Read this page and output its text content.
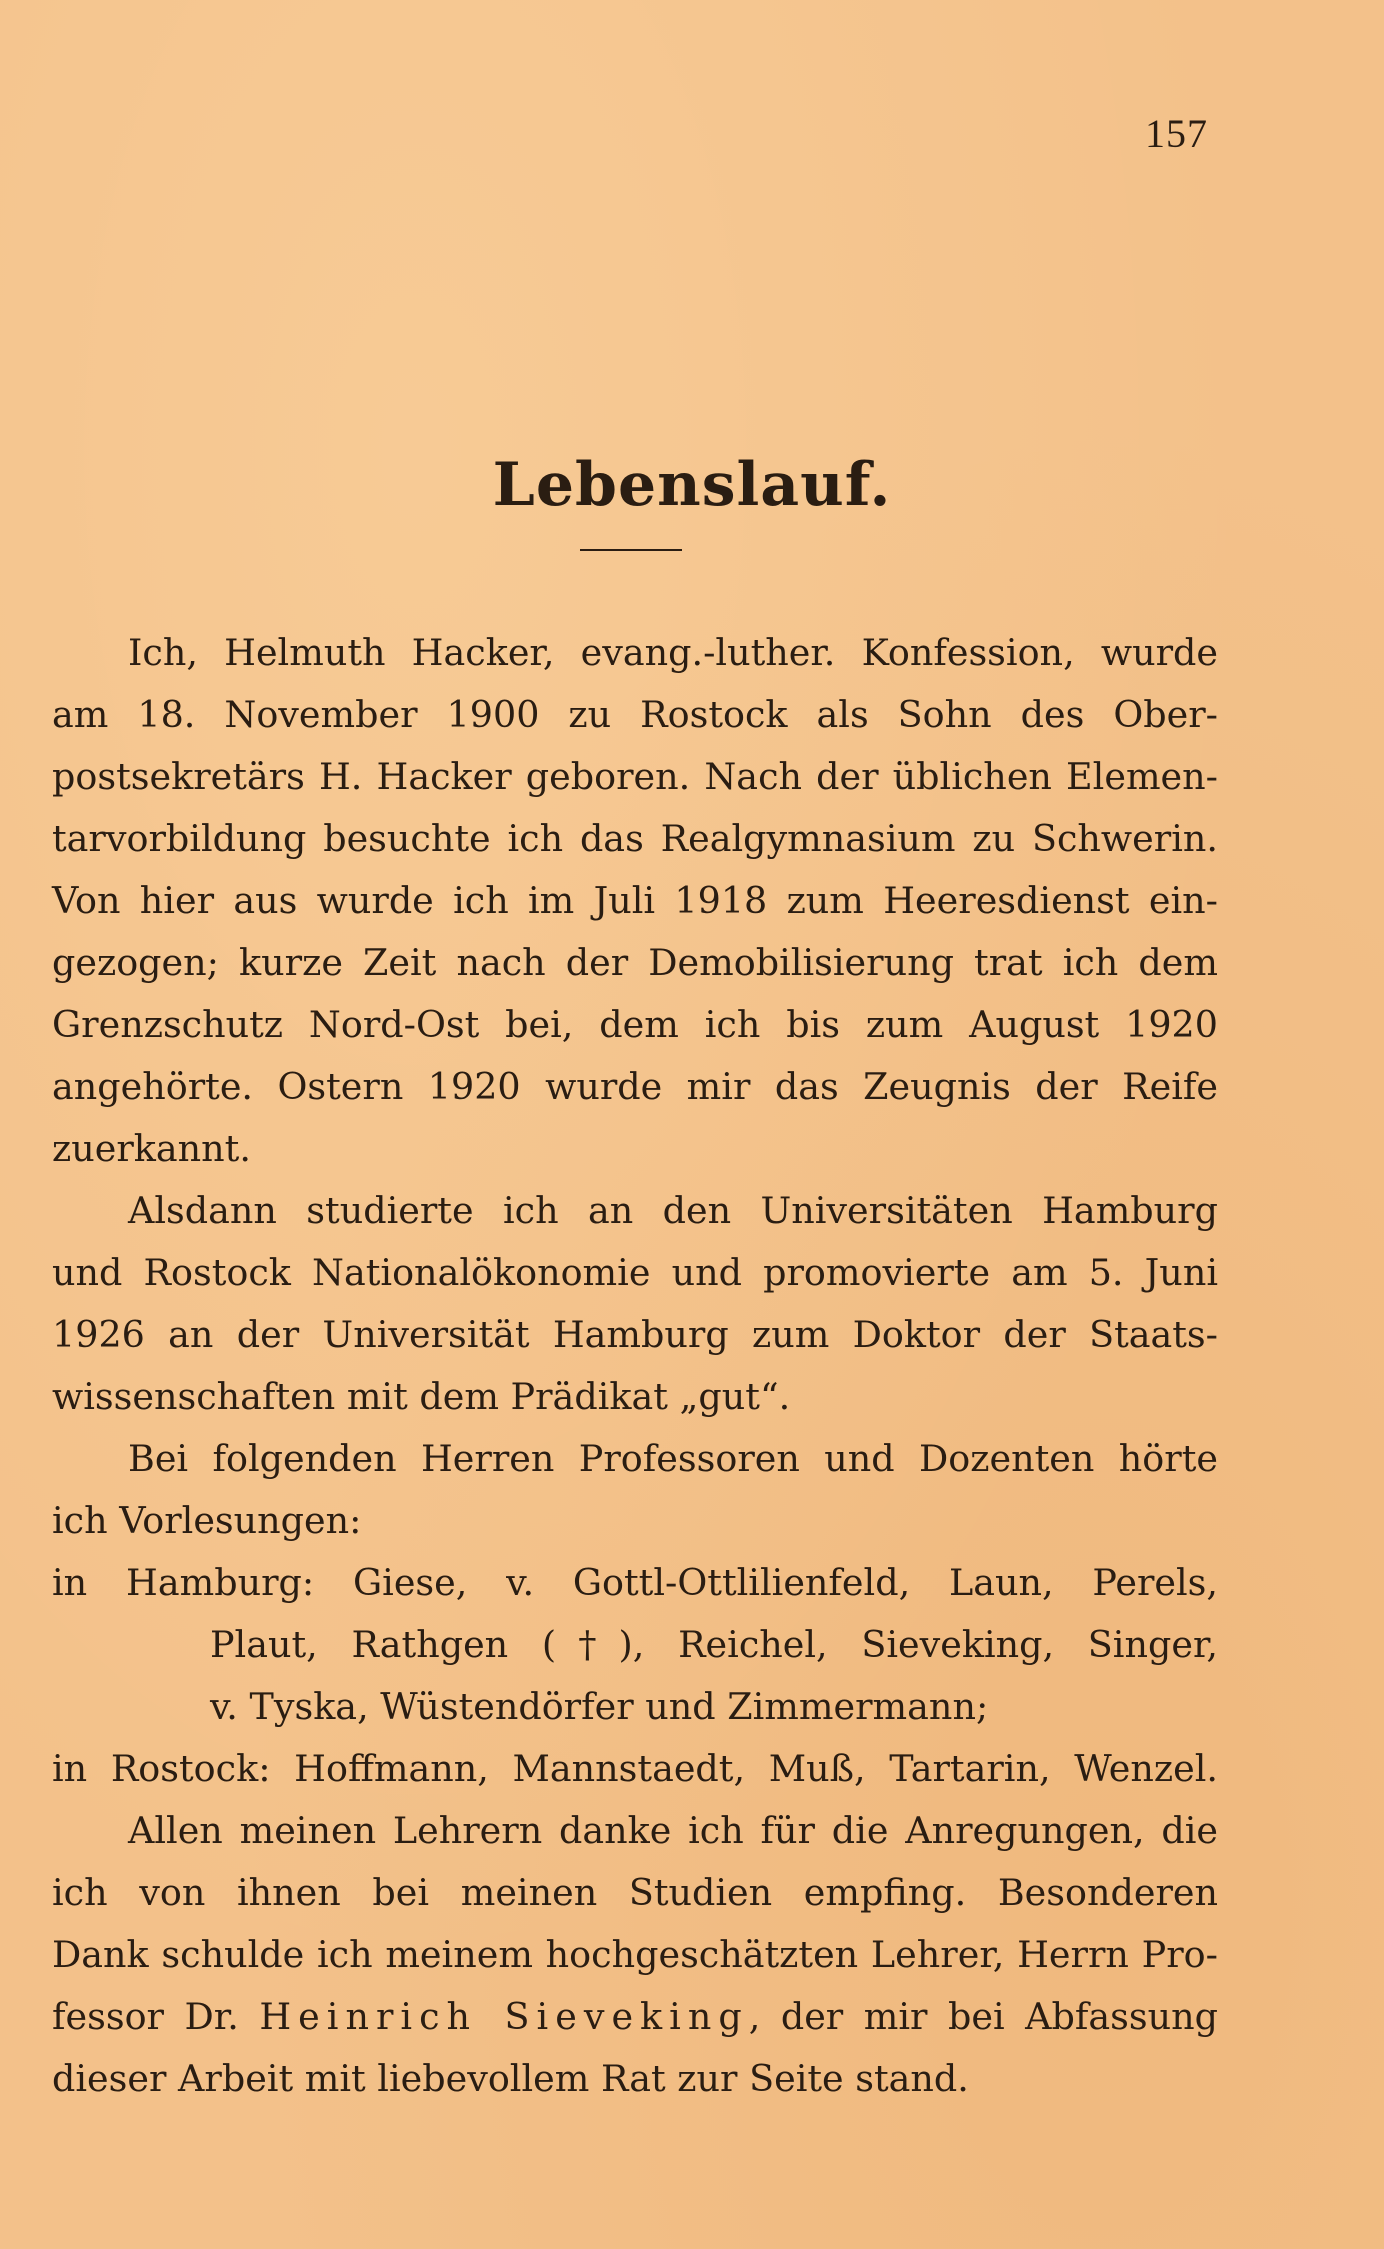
157
Lebenslauf.
Ich, Helmuth Hacker, evang.-luther. Konfession, wurde
am 18. November 1900 zu Rostock als Sohn des Ober-
postsekretärs H. Hacker geboren. Nach der üblichen Elemen-
tarvorbildung besuchte ich das Realgymnasium zu Schwerin.
Von hier aus wurde ich im Juli 1918 zum Heeresdienst ein-
gezogen; kurze Zeit nach der Demobilisierung trat ich dem
Grenzschutz Nord-Ost bei, dem ich bis zum August 1920
angehörte. Ostern 1920 wurde mir das Zeugnis der Reife
zuerkannt.
Alsdann studierte ich an den Universitäten Hamburg
und Rostock Nationalökonomie und promovierte am 5. Juni
1926 an der Universität Hamburg zum Doktor der Staats-
wissenschaften mit dem Prädikat „gut“.
Bei folgenden Herren Professoren und Dozenten hörte
ich Vorlesungen:
in Hamburg: Giese, v. Gottl-Ottlilienfeld, Laun, Perels,
Plaut, Rathgen (†), Reichel, Sieveking, Singer,
v. Tyska, Wüstendörfer und Zimmermann;
in Rostock: Hoffmann, Mannstaedt, Muß, Tartarin, Wenzel.
Allen meinen Lehrern danke ich für die Anregungen, die
ich von ihnen bei meinen Studien empfing. Besonderen
Dank schulde ich meinem hochgeschätzten Lehrer, Herrn Pro-
fessor Dr. Heinrich Sieveking, der mir bei Abfassung
dieser Arbeit mit liebevollem Rat zur Seite stand.
